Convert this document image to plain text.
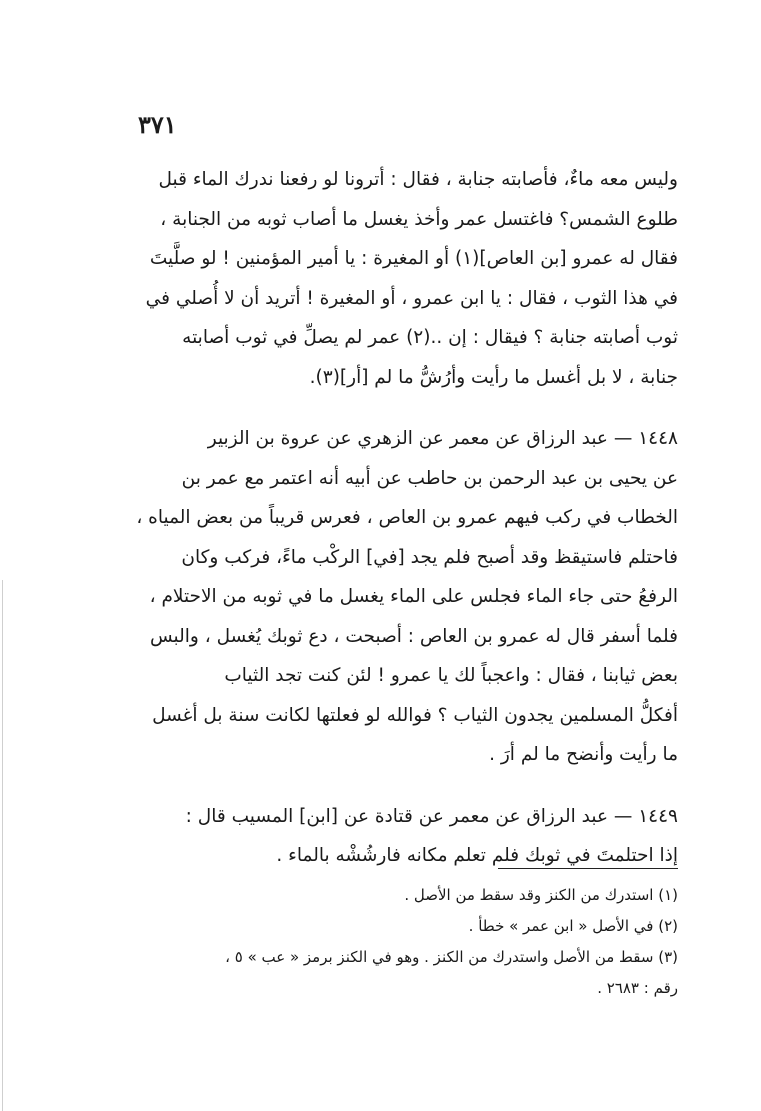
٣٧١

وليس معه ماءٌ، فأصابته جنابة ، فقال : أترونا لو رفعنا ندرك الماء قبل

طلوع الشمس؟ فاغتسل عمر وأخذ يغسل ما أصاب ثوبه من الجنابة ،

فقال له عمرو [بن العاص](١) أو المغيرة : يا أمير المؤمنين ! لو صلَّيتَ

في هذا الثوب ، فقال : يا ابن عمرو ، أو المغيرة ! أتريد أن لا أُصلي في

ثوب أصابته جنابة ؟ فيقال : إن ..(٢) عمر لم يصلِّ في ثوب أصابته

جنابة ، لا بل أغسل ما رأيت وأرُشُّ ما لم [أر](٣).

١٤٤٨ — عبد الرزاق عن معمر عن الزهري عن عروة بن الزبير

عن يحيى بن عبد الرحمن بن حاطب عن أبيه أنه اعتمر مع عمر بن

الخطاب في ركب فيهم عمرو بن العاص ، فعرس قريباً من بعض المياه ،

فاحتلم فاستيقظ وقد أصبح فلم يجد [في] الركْب ماءً، فركب وكان

الرفعُ حتى جاء الماء فجلس على الماء يغسل ما في ثوبه من الاحتلام ،

فلما أسفر قال له عمرو بن العاص : أصبحت ، دع ثوبك يُغسل ، والبس

بعض ثيابنا ، فقال : واعجباً لك يا عمرو ! لئن كنت تجد الثياب

أفكلُّ المسلمين يجدون الثياب ؟ فوالله لو فعلتها لكانت سنة بل أغسل

ما رأيت وأنضح ما لم أرَ .

١٤٤٩ — عبد الرزاق عن معمر عن قتادة عن [ابن] المسيب قال :

إذا احتلمتَ في ثوبك فلم تعلم مكانه فارشُشْه بالماء .

(١) استدرك من الكنز وقد سقط من الأصل .

(٢) في الأصل « ابن عمر » خطأ .

(٣) سقط من الأصل واستدرك من الكنز . وهو في الكنز برمز « عب » ٥ ،

رقم : ٢٦٨٣ .
